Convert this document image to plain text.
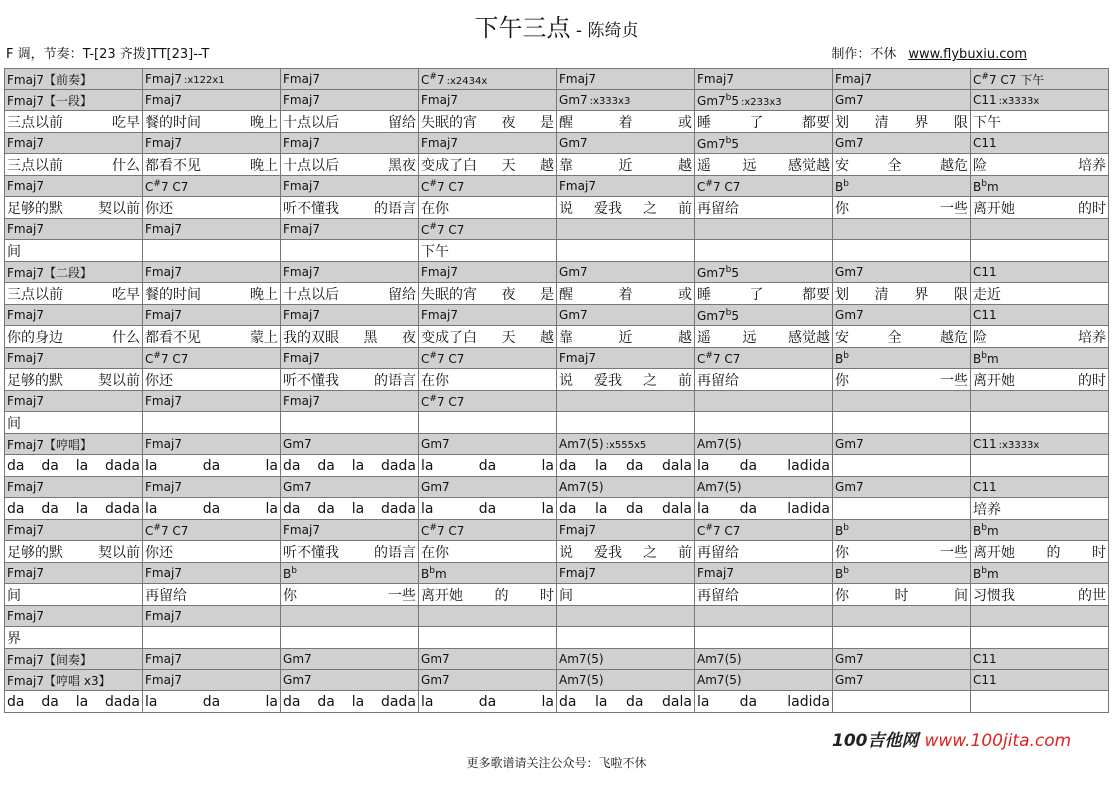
下午三点 - 陈绮贞
F 调，节奏：T-[23 齐拨]TT[23]--T	制作：不休 www.flybuxiu.com
Fmaj7【前奏】	Fmaj7 :x122x1	Fmaj7	C#7 :x2434x	Fmaj7	Fmaj7	Fmaj7	C#7 C7 下午
Fmaj7【一段】	Fmaj7	Fmaj7	Fmaj7	Gm7 :x333x3	Gm7$^b$5 :x233x3	Gm7	C11 :x3333x

三点以前 吃早	餐的时间 晚上	十点以后 留给	失眠的宵 夜 是	醒 着 或	睡 了 都要	划 清 界 限	下午

Fmaj7	Fmaj7	Fmaj7	Fmaj7	Gm7	Gm7$^b$5	Gm7	C11

三点以前 什么	都看不见 晚上	十点以后 黑夜	变成了白 天 越	靠 近 越	遥 远 感觉越	安 全 越危	险 培养

Fmaj7	C#7 C7	Fmaj7	C#7 C7	Fmaj7	C#7 C7	$B^b$	$B^bm$

足够的默 契以前	你还	听不懂我 的语言	在你	说 爱我 之 前	再留给	你 一些	离开她 的时

Fmaj7	Fmaj7	Fmaj7	C#7 C7				

间			下午				

Fmaj7【二段】	Fmaj7	Fmaj7	Fmaj7	Gm7	Gm7$^b$5	Gm7	C11

三点以前 吃早	餐的时间 晚上	十点以后 留给	失眠的宵 夜 是	醒 着 或	睡 了 都要	划 清 界 限	走近

Fmaj7	Fmaj7	Fmaj7	Fmaj7	Gm7	Gm7$^b$5	Gm7	C11

你的身边 什么	都看不见 蒙上	我的双眼 黑 夜	变成了白 天 越	靠 近 越	遥 远 感觉越	安 全 越危	险 培养

Fmaj7	C#7 C7	Fmaj7	C#7 C7	Fmaj7	C#7 C7	$B^b$	$B^bm$

足够的默 契以前	你还	听不懂我 的语言	在你	说 爱我 之 前	再留给	你 一些	离开她 的时

Fmaj7	Fmaj7	Fmaj7	C#7 C7				

间							

Fmaj7【哼唱】	Fmaj7	Gm7	Gm7	Am7(5) :x555x5	Am7(5)	Gm7	C11 :x3333x

da da la dada	la da la	da da la dada	la da la	da la da dala	la da ladida		

Fmaj7	Fmaj7	Gm7	Gm7	Am7(5)	Am7(5)	Gm7	C11

da da la dada	la da la	da da la dada	la da la	da la da dala	la da ladida		培养

Fmaj7	C#7 C7	Fmaj7	C#7 C7	Fmaj7	C#7 C7	$B^b$	$B^bm$

足够的默 契以前	你还	听不懂我 的语言	在你	说 爱我 之 前	再留给	你 一些	离开她 的 时

Fmaj7	Fmaj7	$B^b$	$B^bm$	Fmaj7	Fmaj7	$B^b$	$B^bm$

间	再留给	你 一些	离开她 的 时	间	再留给	你 时 间	习惯我 的世

Fmaj7	Fmaj7						

界							

Fmaj7【间奏】	Fmaj7	Gm7	Gm7	Am7(5)	Am7(5)	Gm7	C11
Fmaj7【哼唱 x3】	Fmaj7	Gm7	Gm7	Am7(5)	Am7(5)	Gm7	C11

da da la dada	la da la	da da la dada	la da la	da la da dala	la da ladida		

100吉他网 www.100jita.com
更多歌谱请关注公众号：飞啦不休
